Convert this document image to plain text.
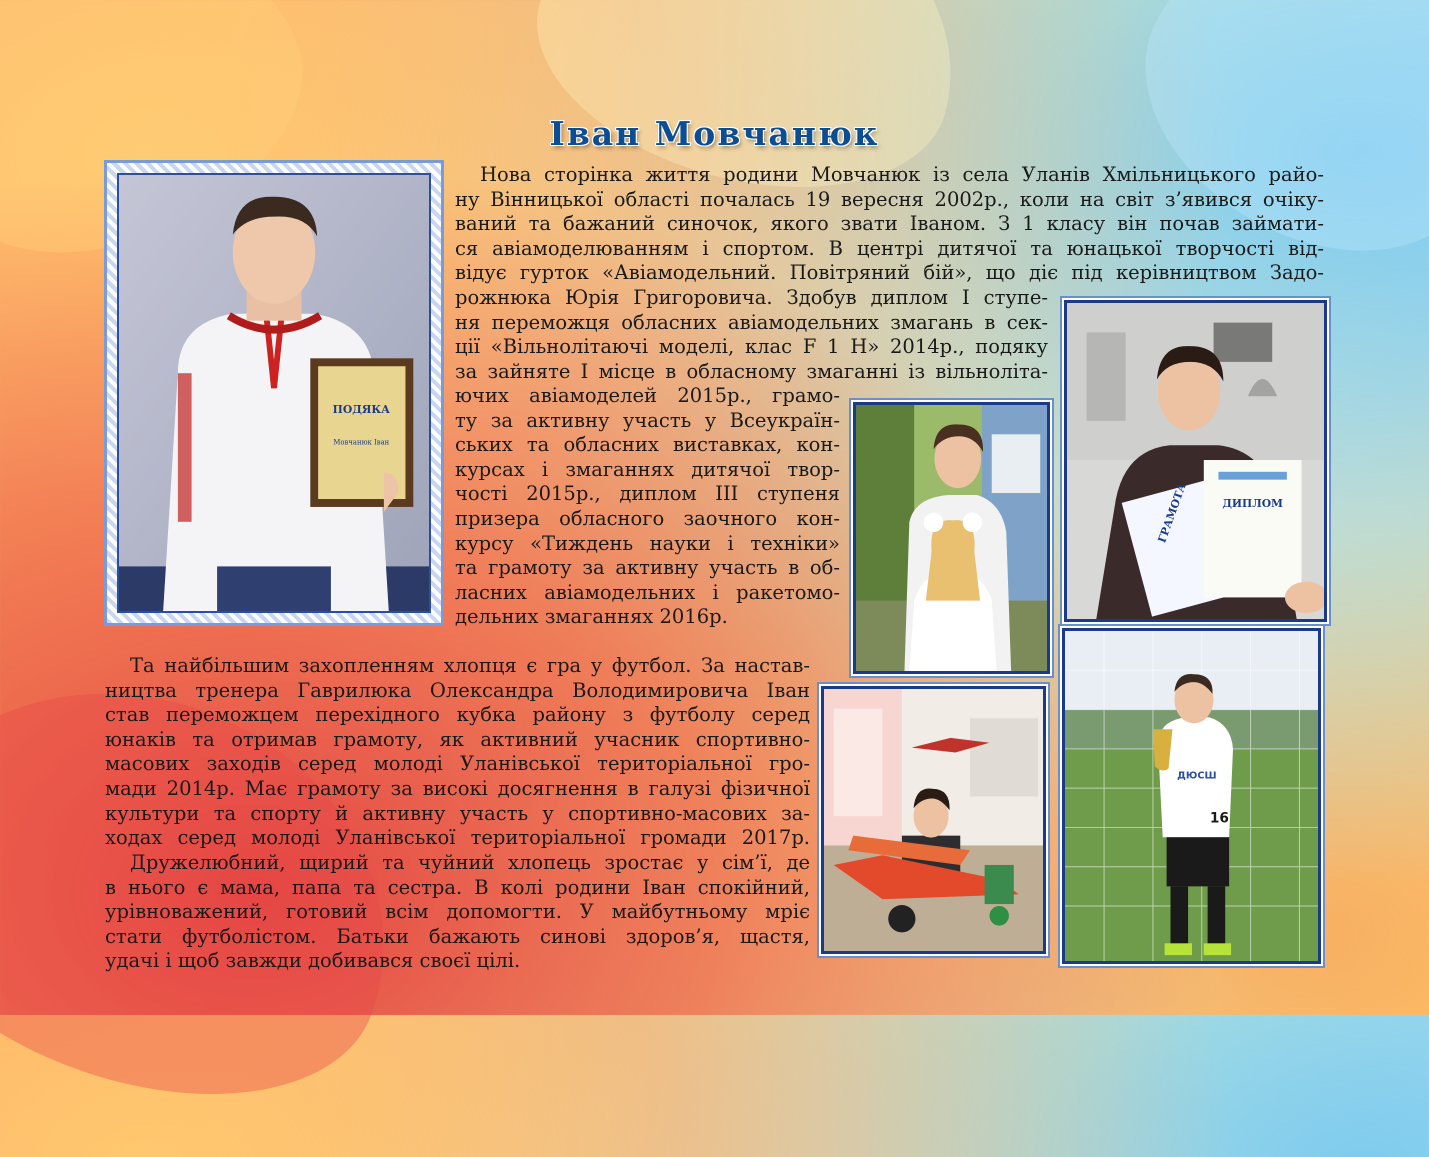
Іван Мовчанюк
ПОДЯКА
Мовчанюк Іван
ГРАМОТА	ДИПЛОМ
ДЮСШ
16
Нова сторінка життя родини Мовчанюк із села Уланів Хмільницького райо-
ну Вінницької області почалась 19 вересня 2002р., коли на світ з’явився очіку-
ваний та бажаний синочок, якого звати Іваном. З 1 класу він почав займати-
ся авіамоделюванням і спортом. В центрі дитячої та юнацької творчості від-
відує гурток «Авіамодельний. Повітряний бій», що діє під керівництвом Задо-
рожнюка Юрія Григоровича. Здобув диплом І ступе-
ня переможця обласних авіамодельних змагань в сек-
ції «Вільнолітаючі моделі, клас F 1 H» 2014р., подяку
за зайняте І місце в обласному змаганні із вільноліта-
ючих авіамоделей 2015р., грамо-
ту за активну участь у Всеукраїн-
ських та обласних виставках, кон-
курсах і змаганнях дитячої твор-
чості 2015р., диплом ІІІ ступеня
призера обласного заочного кон-
курсу «Тиждень науки і техніки»
та грамоту за активну участь в об-
ласних авіамодельних і ракетомо-
дельних змаганнях 2016р.
Та найбільшим захопленням хлопця є гра у футбол. За настав-
ництва тренера Гаврилюка Олександра Володимировича Іван
став переможцем перехідного кубка району з футболу серед
юнаків та отримав грамоту, як активний учасник спортивно-
масових заходів серед молоді Уланівської територіальної гро-
мади 2014р. Має грамоту за високі досягнення в галузі фізичної
культури та спорту й активну участь у спортивно-масових за-
ходах серед молоді Уланівської територіальної громади 2017р.
Дружелюбний, щирий та чуйний хлопець зростає у сім’ї, де
в нього є мама, папа та сестра. В колі родини Іван спокійний,
урівноважений, готовий всім допомогти. У майбутньому мріє
стати футболістом. Батьки бажають синові здоров’я, щастя,
удачі і щоб завжди добивався своєї цілі.
